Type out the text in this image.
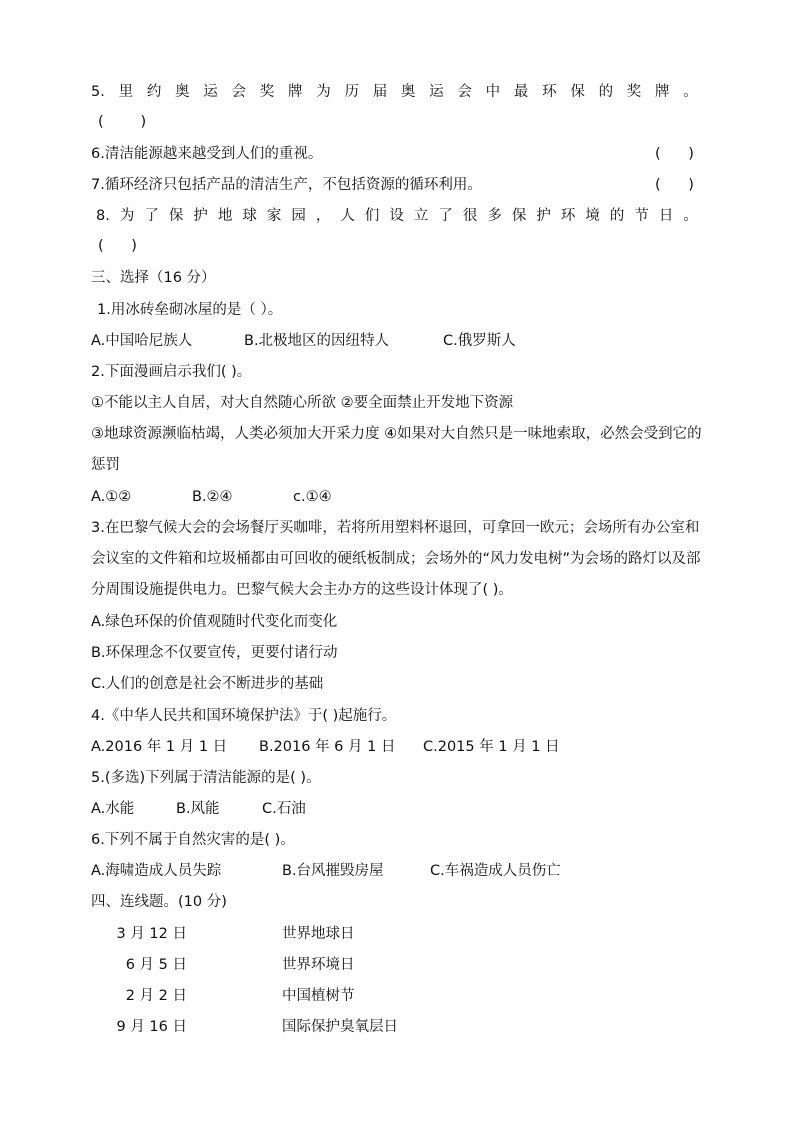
5. 里 约 奥 运 会 奖 牌 为 历 届 奥 运 会 中 最 环 保 的 奖 牌 。
(        )
6.清洁能源越来越受到人们的重视。	(      )
7.循环经济只包括产品的清洁生产，不包括资源的循环利用。	(      )
8. 为 了 保 护 地 球 家 园 ， 人 们 设 立 了 很 多 保 护 环 境 的 节 日 。
(      )
三、选择（16 分）
1.用冰砖垒砌冰屋的是（ ）。
A.中国哈尼族人	B.北极地区的因纽特人	C.俄罗斯人
2.下面漫画启示我们( )。
①不能以主人自居，对大自然随心所欲 ②要全面禁止开发地下资源
③地球资源濒临枯竭，人类必须加大开采力度 ④如果对大自然只是一味地索取，必然会受到它的惩罚
A.①②	B.②④	c.①④
3.在巴黎气候大会的会场餐厅买咖啡，若将所用塑料杯退回，可拿回一欧元；会场所有办公室和会议室的文件箱和垃圾桶都由可回收的硬纸板制成；会场外的“风力发电树”为会场的路灯以及部分周围设施提供电力。巴黎气候大会主办方的这些设计体现了( )。
A.绿色环保的价值观随时代变化而变化
B.环保理念不仅要宣传，更要付诸行动
C.人们的创意是社会不断进步的基础
4.《中华人民共和国环境保护法》于( )起施行。
A.2016 年 1 月 1 日 B.2016 年 6 月 1 日 C.2015 年 1 月 1 日
5.(多选)下列属于清洁能源的是( )。
A.水能	B.风能	C.石油
6.下列不属于自然灾害的是( )。
A.海啸造成人员失踪	B.台风摧毁房屋	C.车祸造成人员伤亡
四、连线题。(10 分)
3 月 12 日	世界地球日
6 月 5 日	世界环境日
2 月 2 日	中国植树节
9 月 16 日	国际保护臭氧层日
